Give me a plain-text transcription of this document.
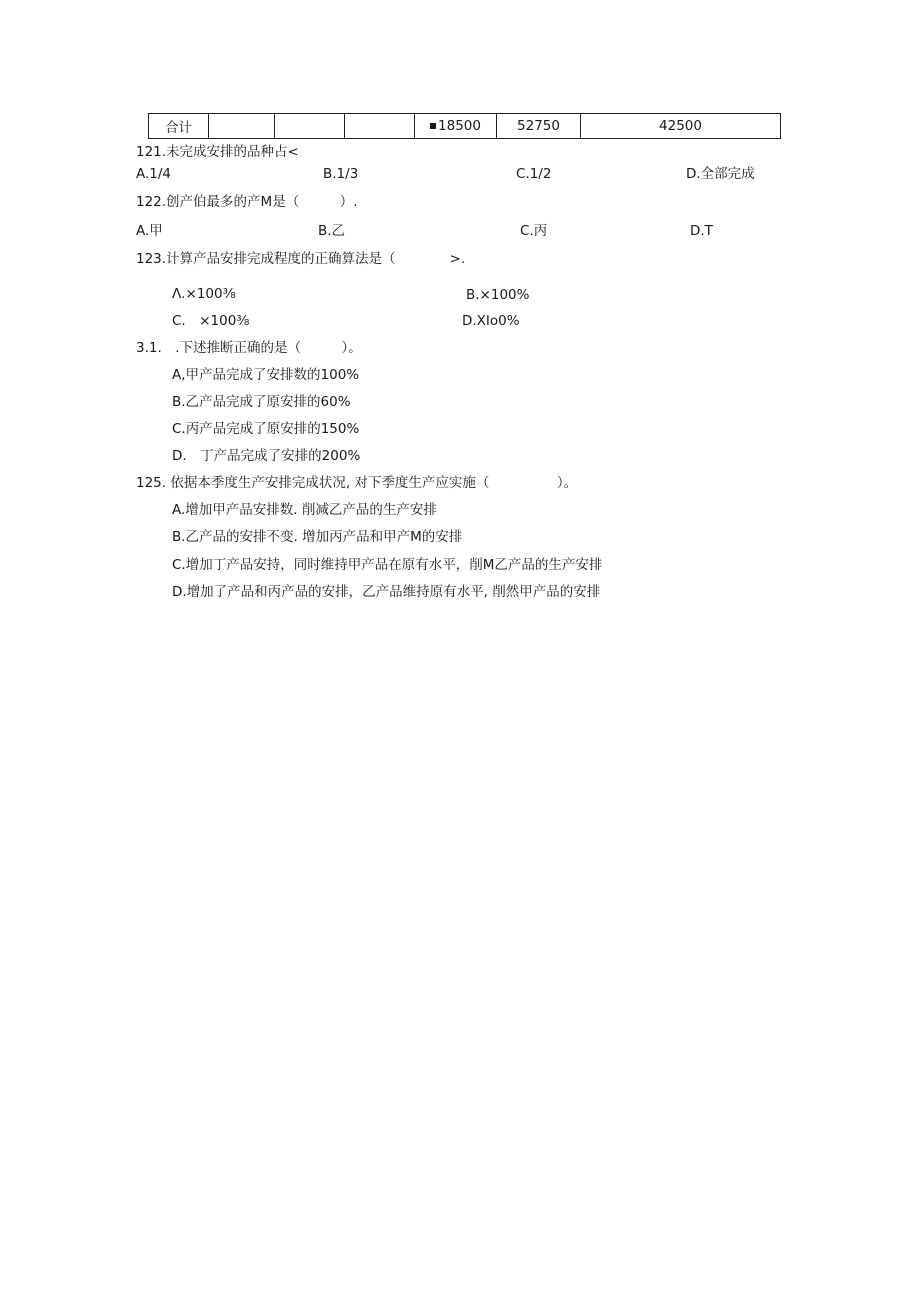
合计				18500	52750	42500
121.未完成安排的品种占<
A.1/4	B.1/3	C.1/2	D.全部完成
122.创产伯最多的产M是（　　　）.
A.甲	B.乙	C.丙	D.T
123.计算产品安排完成程度的正确算法是（　　　　>.
Λ.×100⅜	B.×100%
C.　×100⅜	D.XIo0%
3.1.　.下述推断正确的是（　　　）。
A,甲产品完成了安排数的100%
B.乙产品完成了原安排的60%
C.丙产品完成了原安排的150%
D.　丁产品完成了安排的200%
125. 依据本季度生产安排完成状况, 对下季度生产应实施（　　　　　）。
A.增加甲产品安排数. 削减乙产品的生产安排
B.乙产品的安排不变. 增加丙产品和甲产M的安排
C.增加丁产品安持，同时维持甲产品在原有水平，削M乙产品的生产安排
D.增加了产品和丙产品的安排，乙产品维持原有水平, 削然甲产品的安排
